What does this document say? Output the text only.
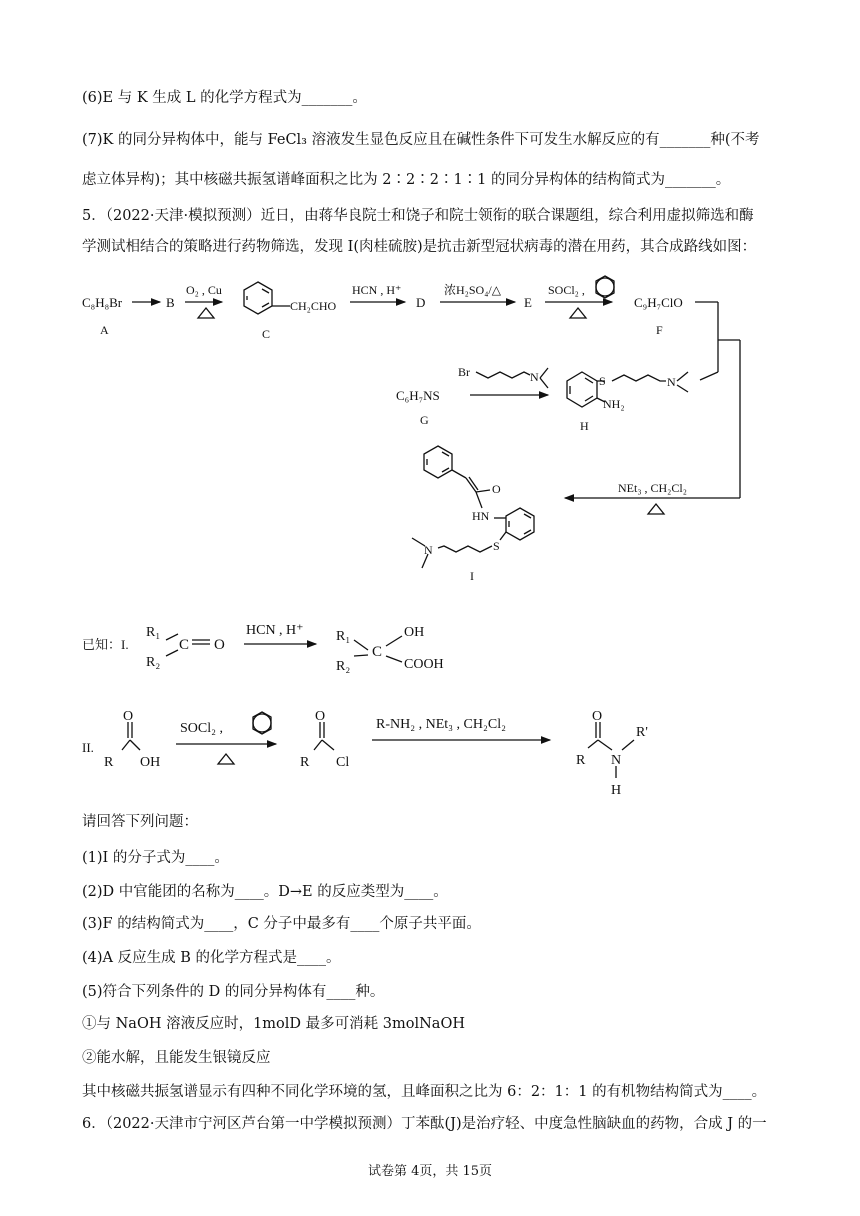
(6)E 与 K 生成 L 的化学方程式为_______。
(7)K 的同分异构体中，能与 FeCl₃ 溶液发生显色反应且在碱性条件下可发生水解反应的有_______种(不考
虑立体异构)；其中核磁共振氢谱峰面积之比为 2∶2∶2∶1∶1 的同分异构体的结构简式为_______。
5．（2022·天津·模拟预测）近日，由蒋华良院士和饶子和院士领衔的联合课题组，综合利用虚拟筛选和酶
学测试相结合的策略进行药物筛选，发现 I(肉桂硫胺)是抗击新型冠状病毒的潜在用药，其合成路线如图：
C₈H₈Br
A
B
O₂ , Cu
CH₂CHO
C
HCN , H⁺
D
浓H₂SO₄/△
E
SOCl₂ ,
C₉H₇ClO
F
C₆H₇NS
G
Br	N	S	N
NH₂
H
NEt₃ , CH₂Cl₂
O
HN
S
N
I
已知：I.
R₁
R₂
C O
HCN , H⁺ R₁
R₂
C
OH
COOH
II.
O
R OH
SOCl₂ ,
O
R Cl
R-NH₂ , NEt₃ , CH₂Cl₂
O
R N
R'
H
请回答下列问题：
(1)I 的分子式为____。
(2)D 中官能团的名称为____。D→E 的反应类型为____。
(3)F 的结构简式为____，C 分子中最多有____个原子共平面。
(4)A 反应生成 B 的化学方程式是____。
(5)符合下列条件的 D 的同分异构体有____种。
①与 NaOH 溶液反应时，1molD 最多可消耗 3molNaOH
②能水解，且能发生银镜反应
其中核磁共振氢谱显示有四种不同化学环境的氢，且峰面积之比为 6：2：1：1 的有机物结构简式为____。
6．（2022·天津市宁河区芦台第一中学模拟预测）丁苯酞(J)是治疗轻、中度急性脑缺血的药物，合成 J 的一
试卷第 4页，共 15页
